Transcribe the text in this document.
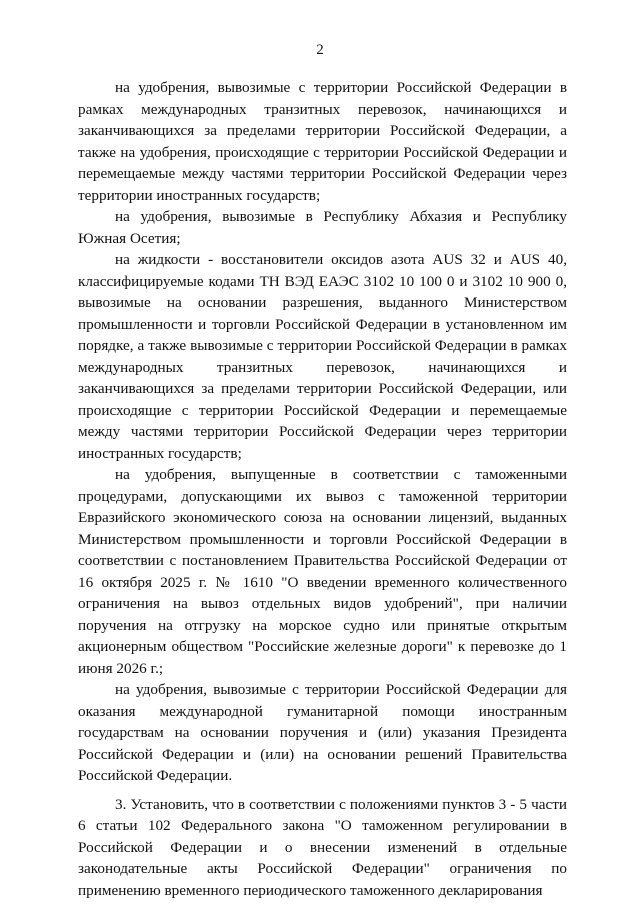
2

на удобрения, вывозимые с территории Российской Федерации в рамках международных транзитных перевозок, начинающихся и заканчивающихся за пределами территории Российской Федерации, а также на удобрения, происходящие с территории Российской Федерации и перемещаемые между частями территории Российской Федерации через территории иностранных государств;

на удобрения, вывозимые в Республику Абхазия и Республику Южная Осетия;

на жидкости - восстановители оксидов азота AUS 32 и AUS 40, классифицируемые кодами ТН ВЭД ЕАЭС 3102 10 100 0 и 3102 10 900 0, вывозимые на основании разрешения, выданного Министерством промышленности и торговли Российской Федерации в установленном им порядке, а также вывозимые с территории Российской Федерации в рамках международных транзитных перевозок, начинающихся и заканчивающихся за пределами территории Российской Федерации, или происходящие с территории Российской Федерации и перемещаемые между частями территории Российской Федерации через территории иностранных государств;

на удобрения, выпущенные в соответствии с таможенными процедурами, допускающими их вывоз с таможенной территории Евразийского экономического союза на основании лицензий, выданных Министерством промышленности и торговли Российской Федерации в соответствии с постановлением Правительства Российской Федерации от 16 октября 2025 г. № 1610 "О введении временного количественного ограничения на вывоз отдельных видов удобрений", при наличии поручения на отгрузку на морское судно или принятые открытым акционерным обществом "Российские железные дороги" к перевозке до 1 июня 2026 г.;

на удобрения, вывозимые с территории Российской Федерации для оказания международной гуманитарной помощи иностранным государствам на основании поручения и (или) указания Президента Российской Федерации и (или) на основании решений Правительства Российской Федерации.

3. Установить, что в соответствии с положениями пунктов 3 - 5 части 6 статьи 102 Федерального закона "О таможенном регулировании в Российской Федерации и о внесении изменений в отдельные законодательные акты Российской Федерации" ограничения по применению временного периодического таможенного декларирования
